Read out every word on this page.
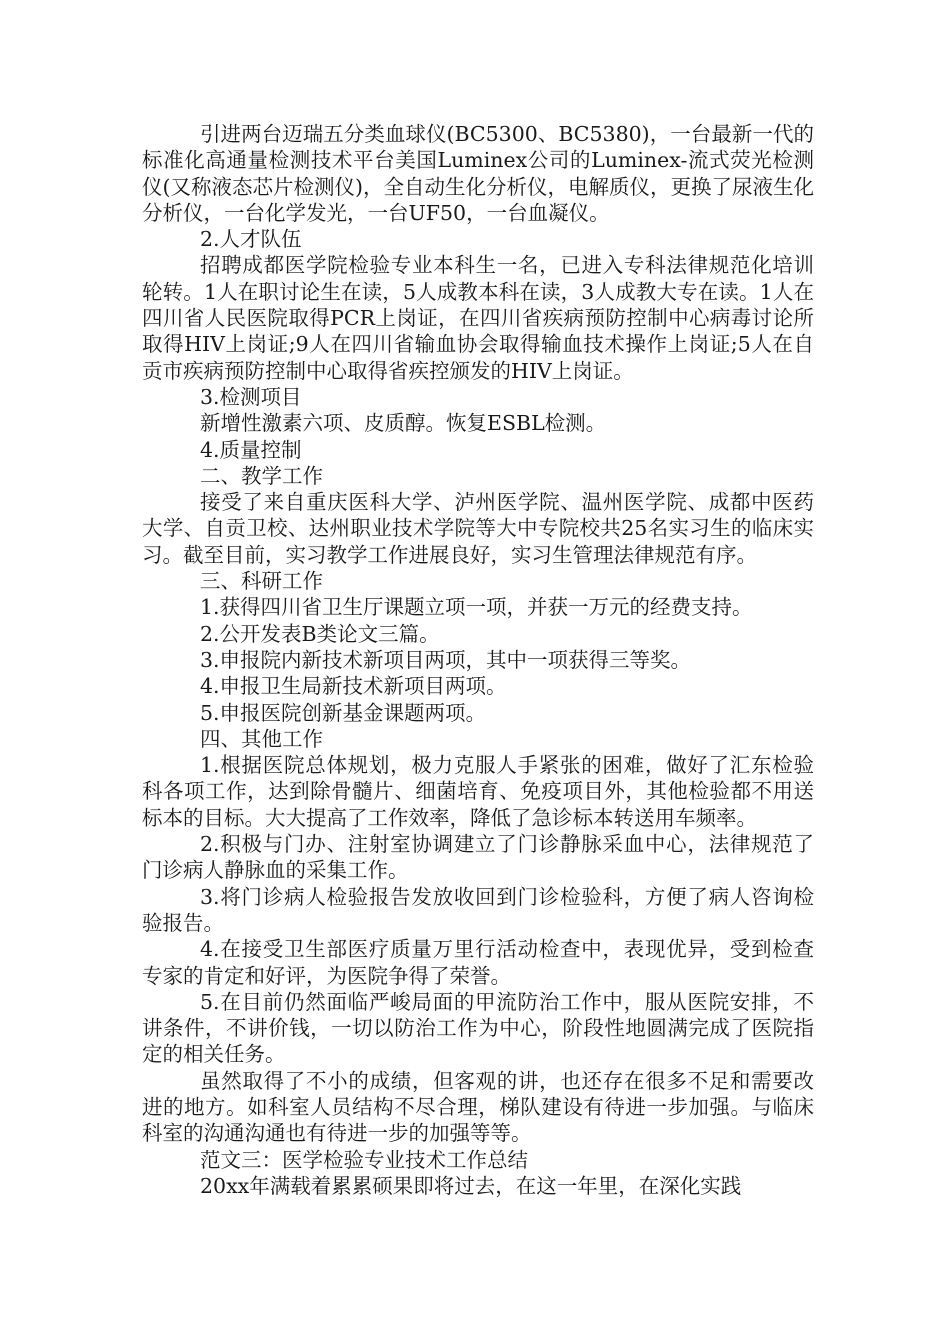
引进两台迈瑞五分类血球仪(BC5300、BC5380)，一台最新一代的标准化高通量检测技术平台美国Luminex公司的Luminex-流式荧光检测仪(又称液态芯片检测仪)，全自动生化分析仪，电解质仪，更换了尿液生化分析仪，一台化学发光，一台UF50，一台血凝仪。

2.人才队伍

招聘成都医学院检验专业本科生一名，已进入专科法律规范化培训轮转。1人在职讨论生在读，5人成教本科在读，3人成教大专在读。1人在四川省人民医院取得PCR上岗证，在四川省疾病预防控制中心病毒讨论所取得HIV上岗证;9人在四川省输血协会取得输血技术操作上岗证;5人在自贡市疾病预防控制中心取得省疾控颁发的HIV上岗证。

3.检测项目

新增性激素六项、皮质醇。恢复ESBL检测。

4.质量控制

二、教学工作

接受了来自重庆医科大学、泸州医学院、温州医学院、成都中医药大学、自贡卫校、达州职业技术学院等大中专院校共25名实习生的临床实习。截至目前，实习教学工作进展良好，实习生管理法律规范有序。

三、科研工作

1.获得四川省卫生厅课题立项一项，并获一万元的经费支持。

2.公开发表B类论文三篇。

3.申报院内新技术新项目两项，其中一项获得三等奖。

4.申报卫生局新技术新项目两项。

5.申报医院创新基金课题两项。

四、其他工作

1.根据医院总体规划，极力克服人手紧张的困难，做好了汇东检验科各项工作，达到除骨髓片、细菌培育、免疫项目外，其他检验都不用送标本的目标。大大提高了工作效率，降低了急诊标本转送用车频率。

2.积极与门办、注射室协调建立了门诊静脉采血中心，法律规范了门诊病人静脉血的采集工作。

3.将门诊病人检验报告发放收回到门诊检验科，方便了病人咨询检验报告。

4.在接受卫生部医疗质量万里行活动检查中，表现优异，受到检查专家的肯定和好评，为医院争得了荣誉。

5.在目前仍然面临严峻局面的甲流防治工作中，服从医院安排，不讲条件，不讲价钱，一切以防治工作为中心，阶段性地圆满完成了医院指定的相关任务。

虽然取得了不小的成绩，但客观的讲，也还存在很多不足和需要改进的地方。如科室人员结构不尽合理，梯队建设有待进一步加强。与临床科室的沟通沟通也有待进一步的加强等等。

范文三：医学检验专业技术工作总结

20xx年满载着累累硕果即将过去，在这一年里，在深化实践
